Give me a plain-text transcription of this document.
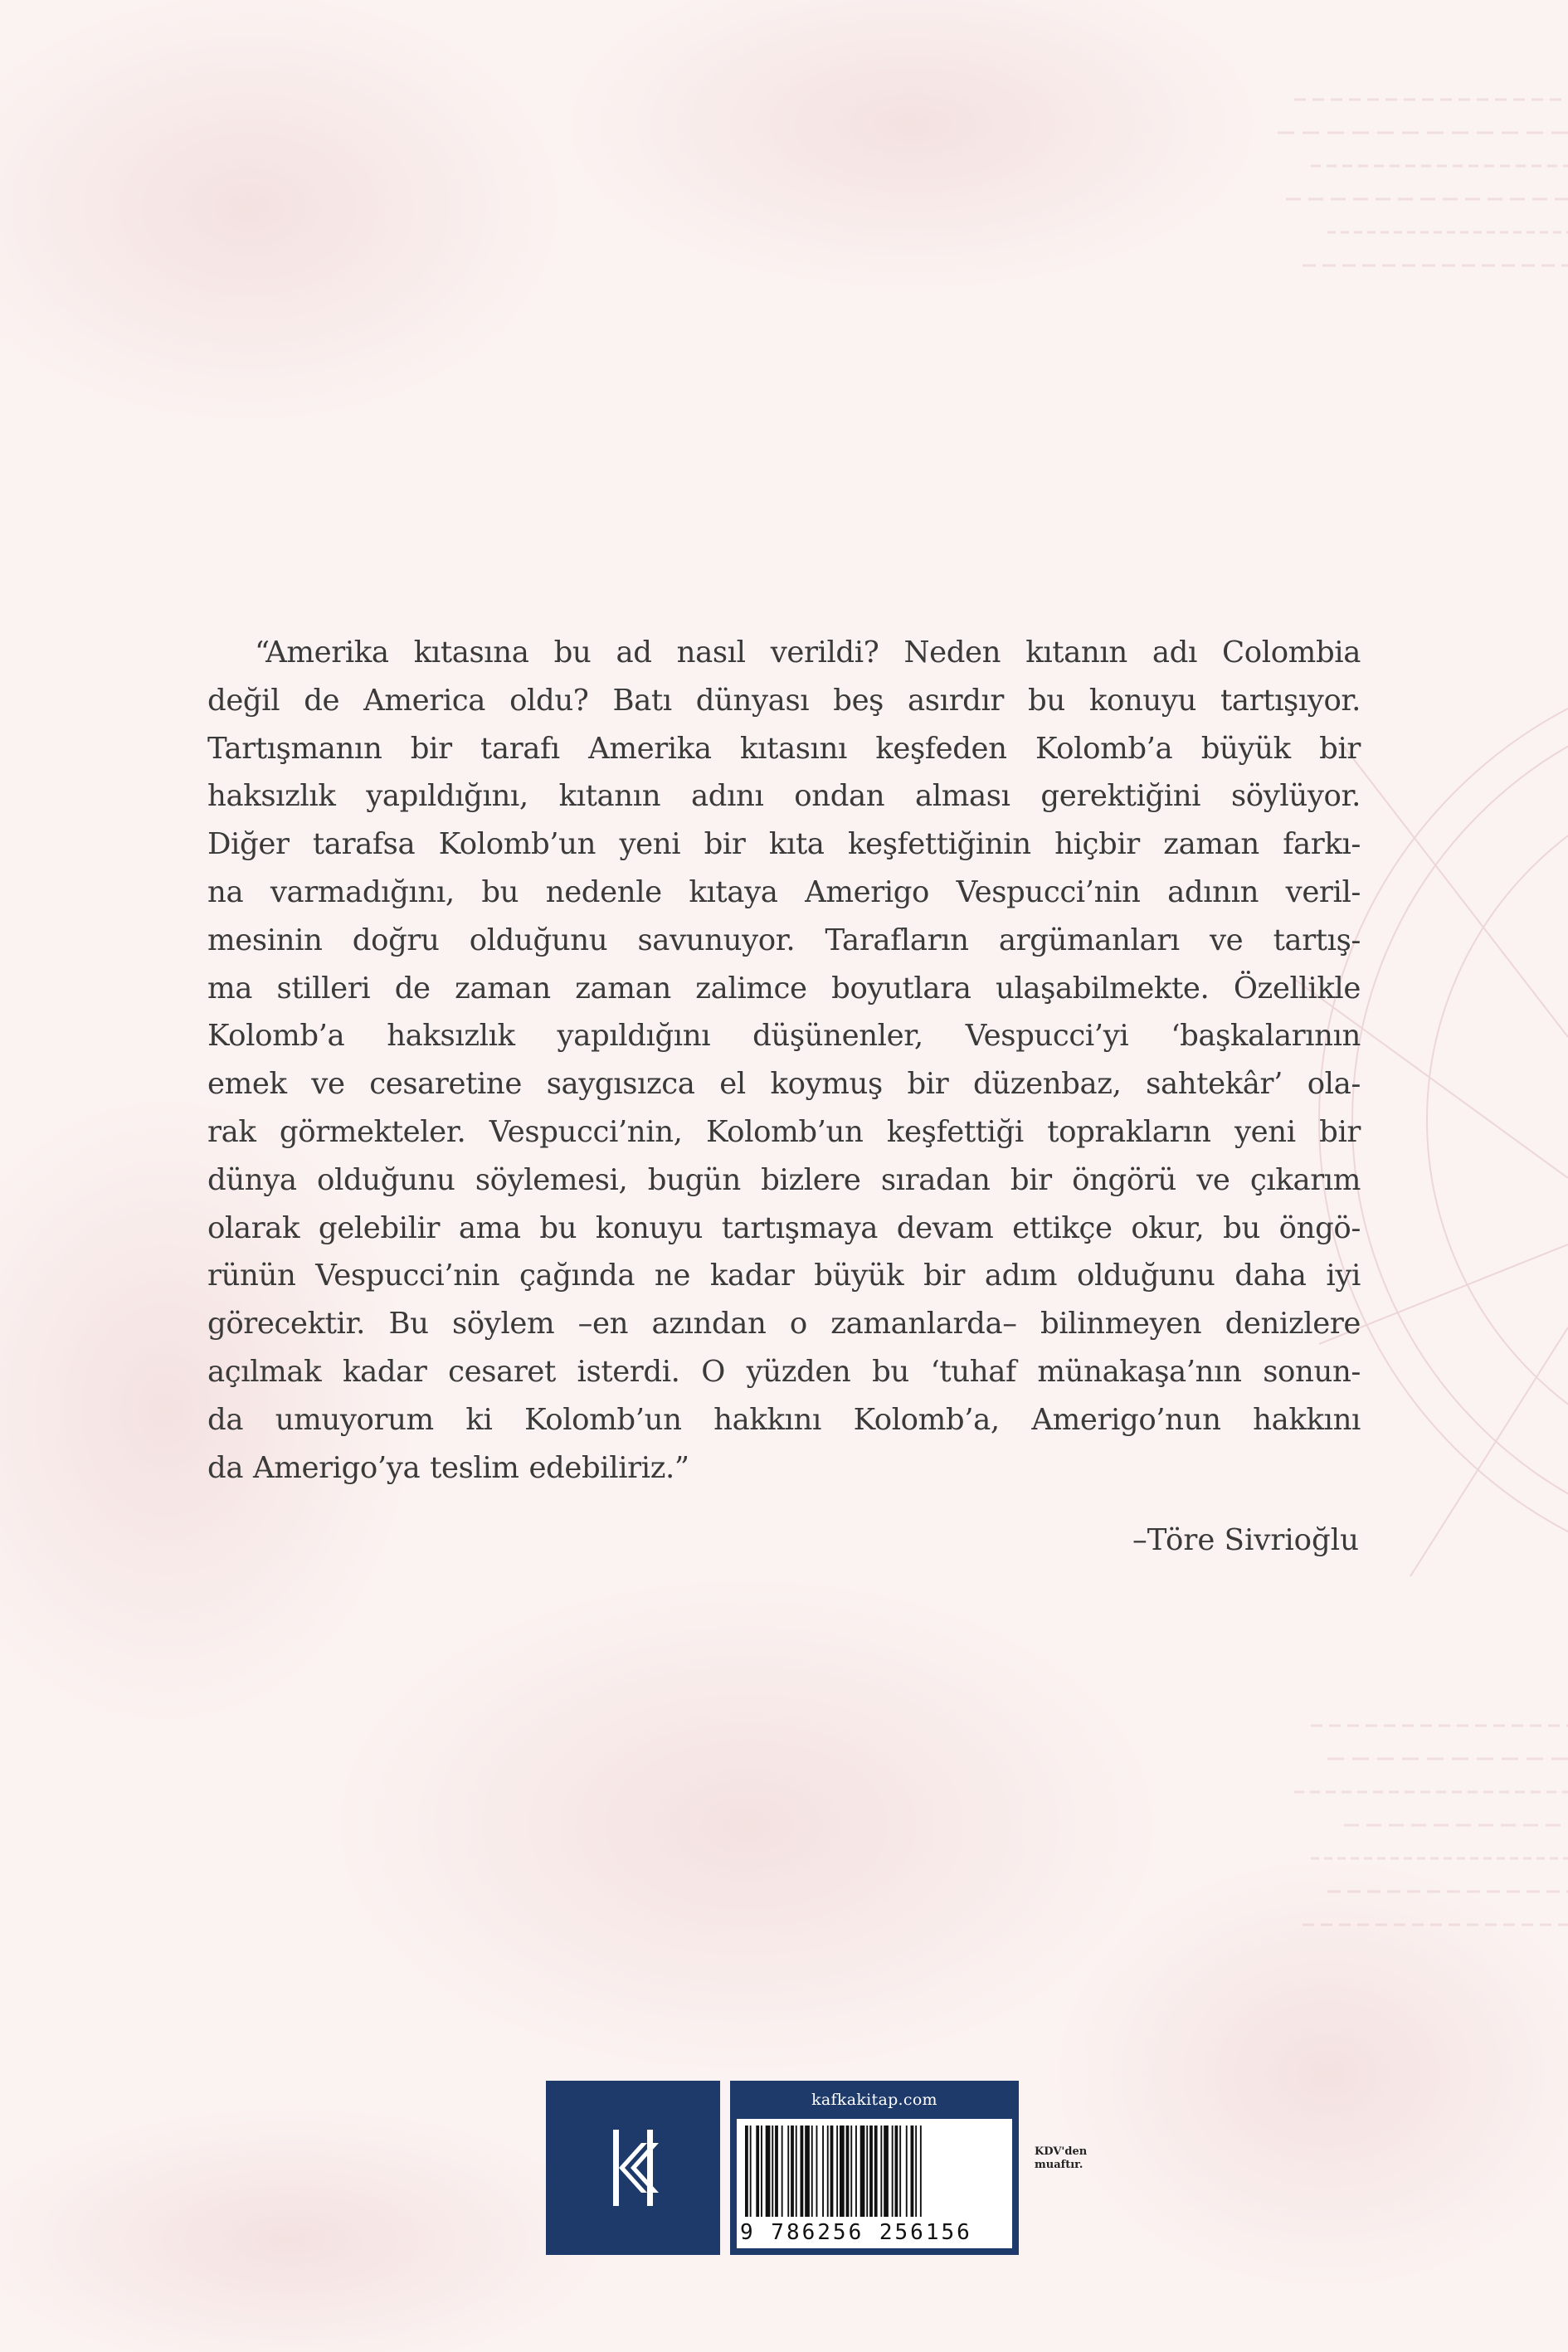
“Amerika kıtasına bu ad nasıl verildi? Neden kıtanın adı Colombia
değil de America oldu? Batı dünyası beş asırdır bu konuyu tartışıyor.
Tartışmanın bir tarafı Amerika kıtasını keşfeden Kolomb’a büyük bir
haksızlık yapıldığını, kıtanın adını ondan alması gerektiğini söylüyor.
Diğer tarafsa Kolomb’un yeni bir kıta keşfettiğinin hiçbir zaman farkı-
na varmadığını, bu nedenle kıtaya Amerigo Vespucci’nin adının veril-
mesinin doğru olduğunu savunuyor. Tarafların argümanları ve tartış-
ma stilleri de zaman zaman zalimce boyutlara ulaşabilmekte. Özellikle
Kolomb’a haksızlık yapıldığını düşünenler, Vespucci’yi ‘başkalarının
emek ve cesaretine saygısızca el koymuş bir düzenbaz, sahtekâr’ ola-
rak görmekteler. Vespucci’nin, Kolomb’un keşfettiği toprakların yeni bir
dünya olduğunu söylemesi, bugün bizlere sıradan bir öngörü ve çıkarım
olarak gelebilir ama bu konuyu tartışmaya devam ettikçe okur, bu öngö-
rünün Vespucci’nin çağında ne kadar büyük bir adım olduğunu daha iyi
görecektir. Bu söylem –en azından o zamanlarda– bilinmeyen denizlere
açılmak kadar cesaret isterdi. O yüzden bu ‘tuhaf münakaşa’nın sonun-
da umuyorum ki Kolomb’un hakkını Kolomb’a, Amerigo’nun hakkını
da Amerigo’ya teslim edebiliriz.”

–Töre Sivrioğlu

kafkakitap.com
9 786256 256156
KDV'den
muaftır.
